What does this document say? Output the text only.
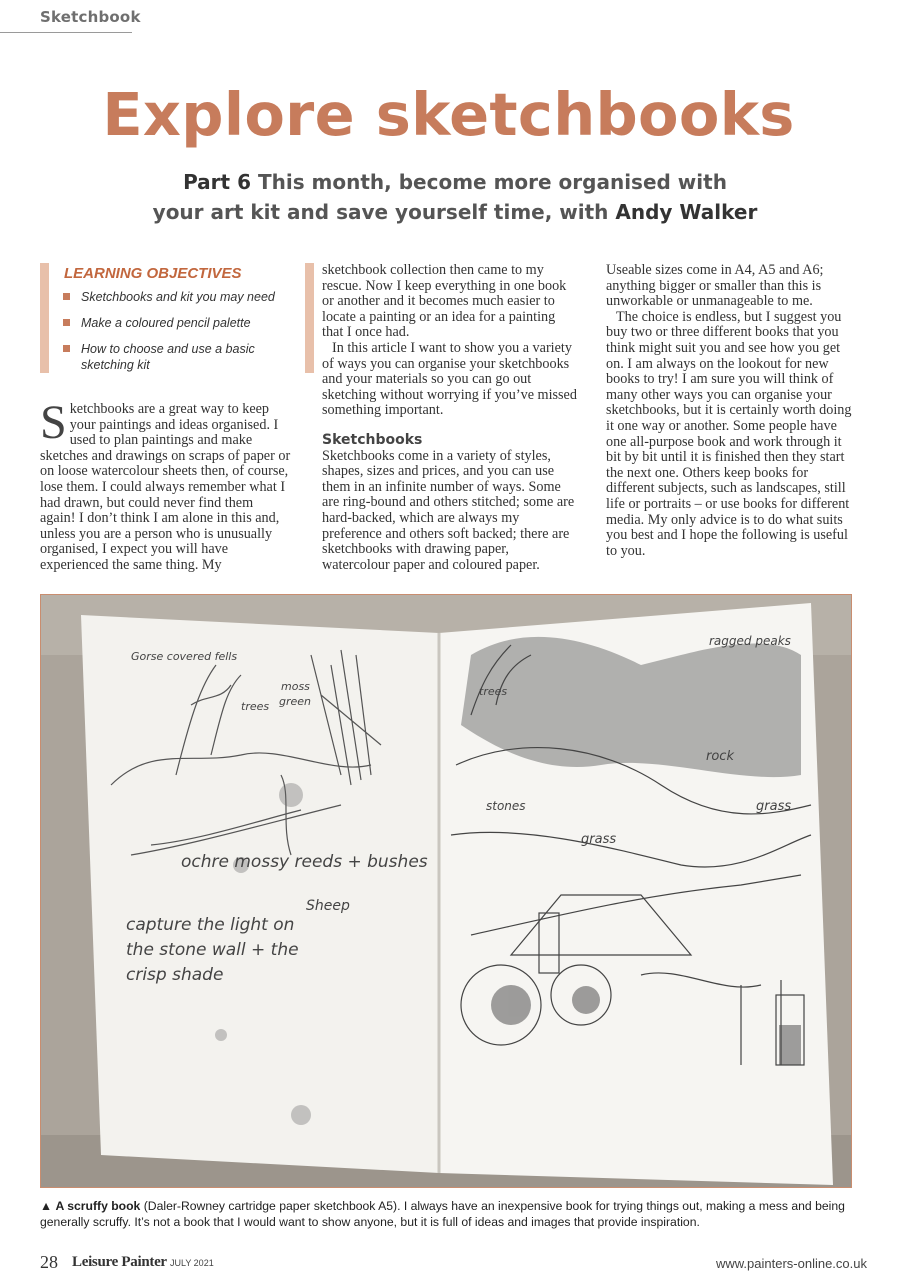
Sketchbook
Explore sketchbooks
Part 6 This month, become more organised with
your art kit and save yourself time, with Andy Walker
LEARNING OBJECTIVES
Sketchbooks and kit you may need
Make a coloured pencil palette
How to choose and use a basic
sketching kit

Sketchbooks are a great way to keep your paintings and ideas organised. I used to plan paintings and make sketches and drawings on scraps of paper or on loose watercolour sheets then, of course, lose them. I could always remember what I had drawn, but could never find them again! I don’t think I am alone in this and, unless you are a person who is unusually organised, I expect you will have experienced the same thing. My

sketchbook collection then came to my rescue. Now I keep everything in one book or another and it becomes much easier to locate a painting or an idea for a painting that I once had.

In this article I want to show you a variety of ways you can organise your sketchbooks and your materials so you can go out sketching without worrying if you’ve missed something important.

Sketchbooks

Sketchbooks come in a variety of styles, shapes, sizes and prices, and you can use them in an infinite number of ways. Some are ring-bound and others stitched; some are hard-backed, which are always my preference and others soft backed; there are sketchbooks with drawing paper, watercolour paper and coloured paper.

Useable sizes come in A4, A5 and A6; anything bigger or smaller than this is unworkable or unmanageable to me.

The choice is endless, but I suggest you buy two or three different books that you think might suit you and see how you get on. I am always on the lookout for new books to try! I am sure you will think of many other ways you can organise your sketchbooks, but it is certainly worth doing it one way or another. Some people have one all-purpose book and work through it bit by bit until it is finished then they start the next one. Others keep books for different subjects, such as landscapes, still life or portraits – or use books for different media. My only advice is to do what suits you best and I hope the following is useful to you.

Gorse covered fells
moss
green
trees
ochre mossy reeds + bushes
Sheep
capture the light on
the stone wall + the
crisp shade
ragged peaks
trees
rock
grass
stones
grass
▲ A scruffy book (Daler-Rowney cartridge paper sketchbook A5). I always have an inexpensive book for trying things out, making a mess and being generally scruffy. It’s not a book that I would want to show anyone, but it is full of ideas and images that provide inspiration.
28 Leisure Painter JULY 2021	www.painters-online.co.uk
